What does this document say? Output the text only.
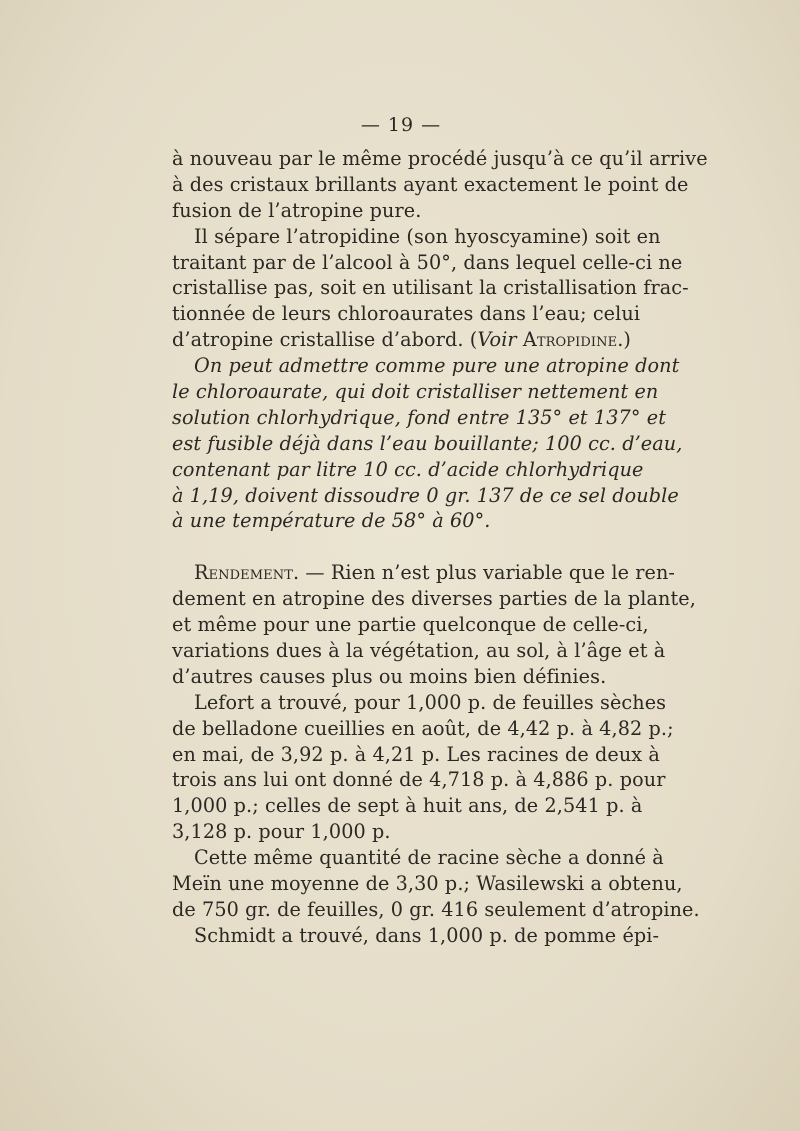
— 19 —
à nouveau par le même procédé jusqu’à ce qu’il arrive
à des cristaux brillants ayant exactement le point de
fusion de l’atropine pure.
Il sépare l’atropidine (son hyoscyamine) soit en
traitant par de l’alcool à 50°, dans lequel celle-ci ne
cristallise pas, soit en utilisant la cristallisation frac-
tionnée de leurs chloroaurates dans l’eau; celui
d’atropine cristallise d’abord. (Voir Atropidine.)
On peut admettre comme pure une atropine dont
le chloroaurate, qui doit cristalliser nettement en
solution chlorhydrique, fond entre 135° et 137° et
est fusible déjà dans l’eau bouillante; 100 cc. d’eau,
contenant par litre 10 cc. d’acide chlorhydrique
à 1,19, doivent dissoudre 0 gr. 137 de ce sel double
à une température de 58° à 60°.
Rendement. — Rien n’est plus variable que le ren-
dement en atropine des diverses parties de la plante,
et même pour une partie quelconque de celle-ci,
variations dues à la végétation, au sol, à l’âge et à
d’autres causes plus ou moins bien définies.
Lefort a trouvé, pour 1,000 p. de feuilles sèches
de belladone cueillies en août, de 4,42 p. à 4,82 p.;
en mai, de 3,92 p. à 4,21 p. Les racines de deux à
trois ans lui ont donné de 4,718 p. à 4,886 p. pour
1,000 p.; celles de sept à huit ans, de 2,541 p. à
3,128 p. pour 1,000 p.
Cette même quantité de racine sèche a donné à
Meïn une moyenne de 3,30 p.; Wasilewski a obtenu,
de 750 gr. de feuilles, 0 gr. 416 seulement d’atropine.
Schmidt a trouvé, dans 1,000 p. de pomme épi-
